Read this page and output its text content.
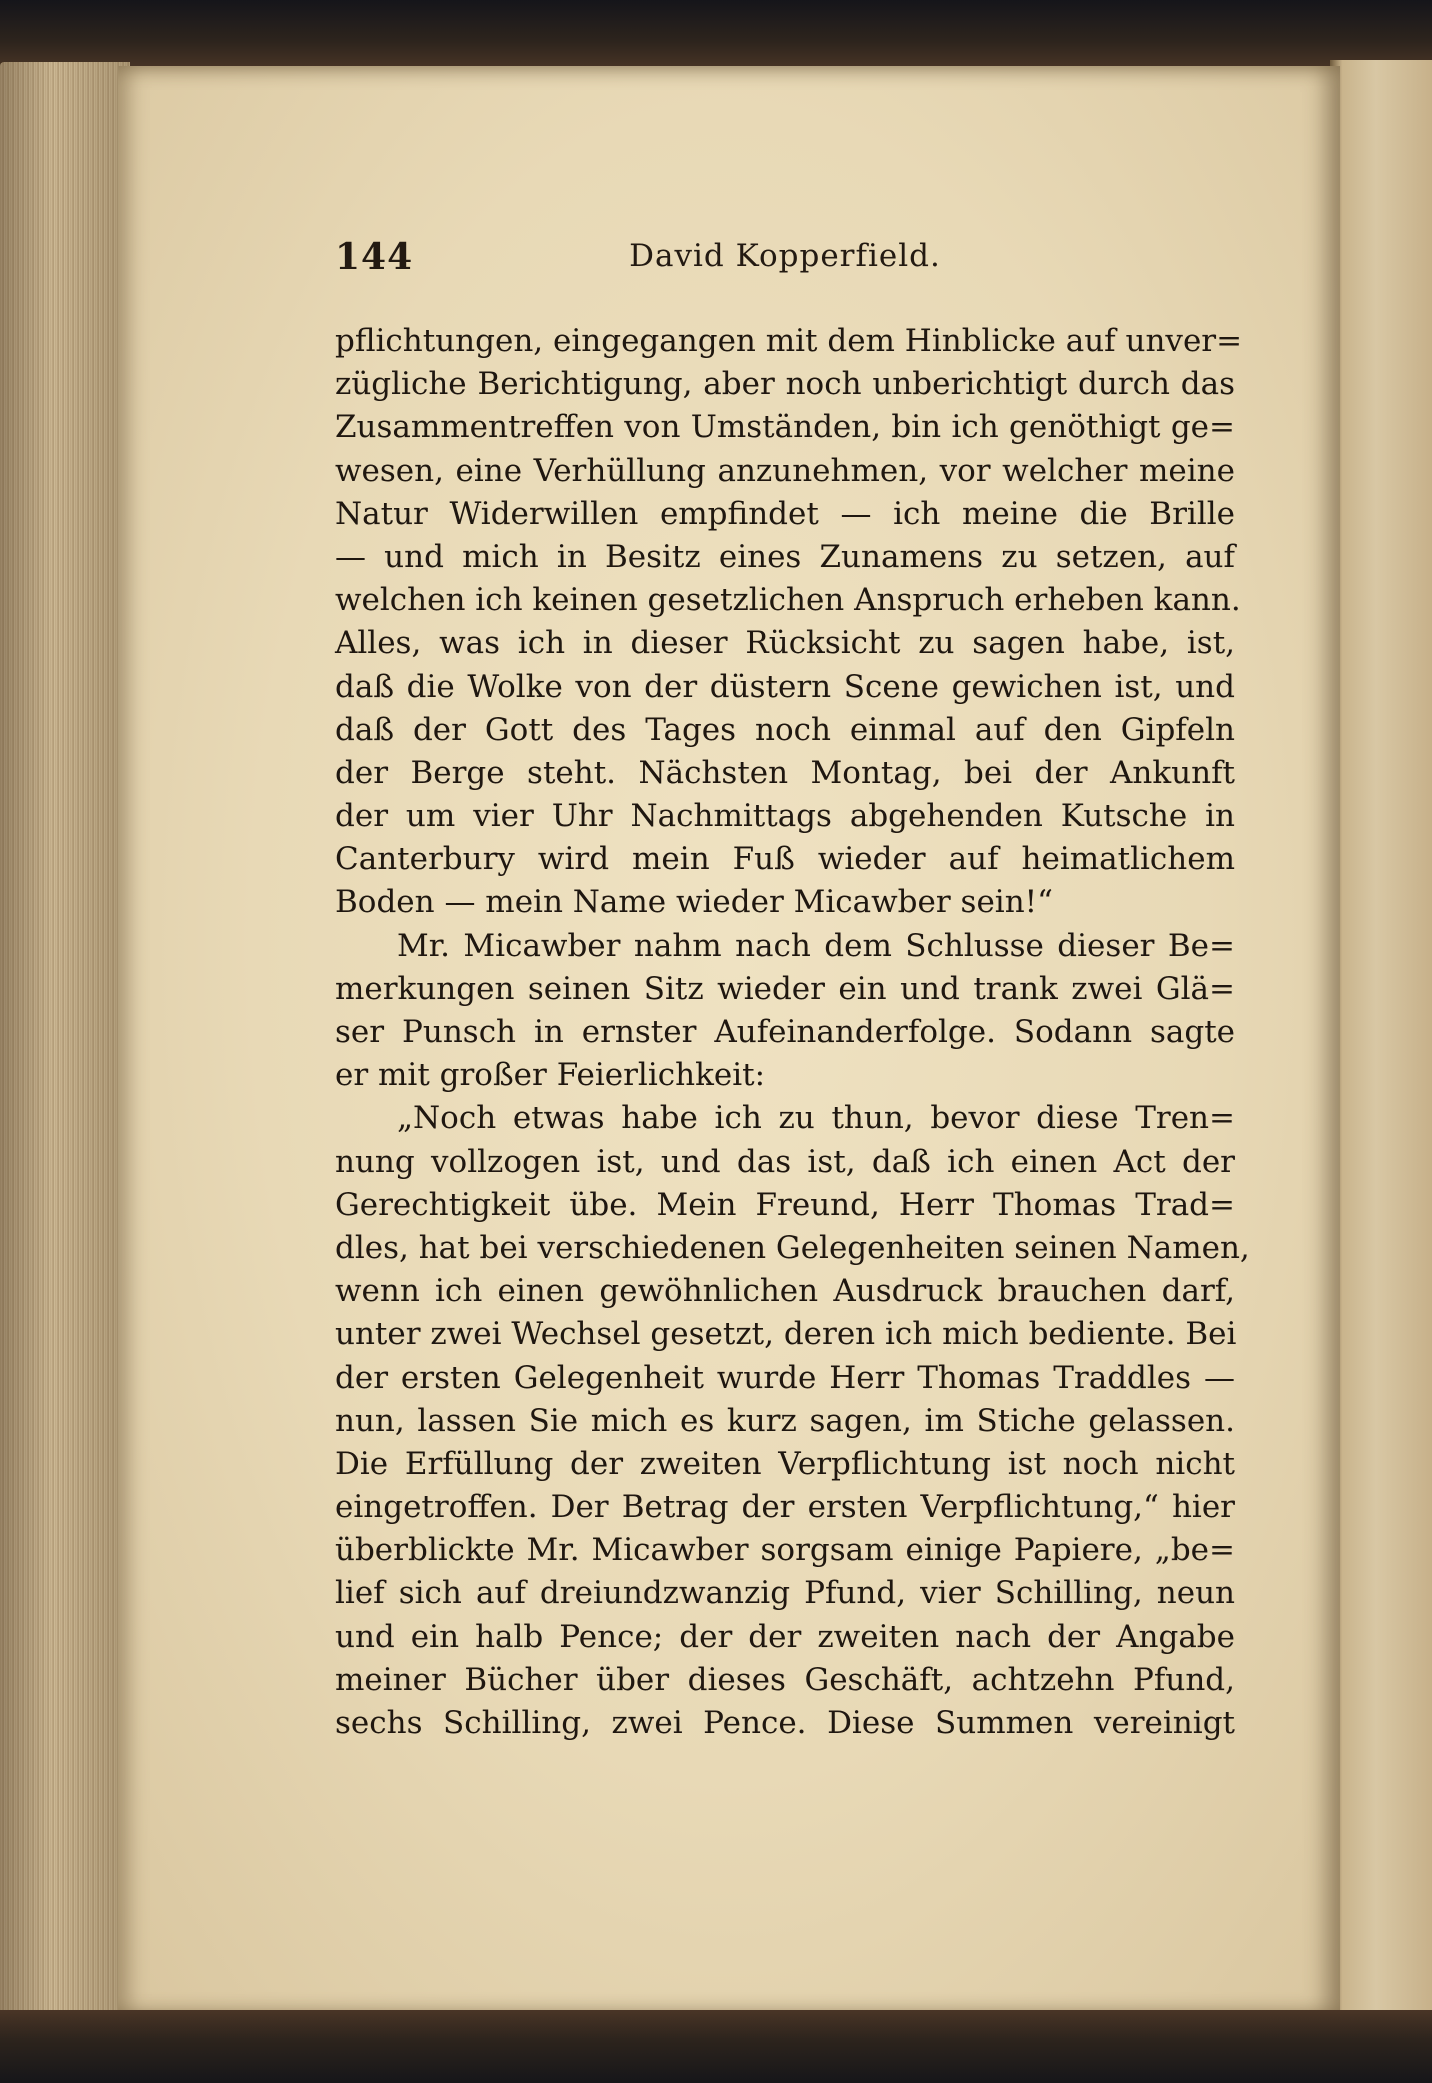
144	David Kopperfield.
pflichtungen, eingegangen mit dem Hinblicke auf unver=
zügliche Berichtigung, aber noch unberichtigt durch das
Zusammentreffen von Umständen, bin ich genöthigt ge=
wesen, eine Verhüllung anzunehmen, vor welcher meine
Natur Widerwillen empfindet — ich meine die Brille
— und mich in Besitz eines Zunamens zu setzen, auf
welchen ich keinen gesetzlichen Anspruch erheben kann.
Alles, was ich in dieser Rücksicht zu sagen habe, ist,
daß die Wolke von der düstern Scene gewichen ist, und
daß der Gott des Tages noch einmal auf den Gipfeln
der Berge steht. Nächsten Montag, bei der Ankunft
der um vier Uhr Nachmittags abgehenden Kutsche in
Canterbury wird mein Fuß wieder auf heimatlichem
Boden — mein Name wieder Micawber sein!“
Mr. Micawber nahm nach dem Schlusse dieser Be=
merkungen seinen Sitz wieder ein und trank zwei Glä=
ser Punsch in ernster Aufeinanderfolge. Sodann sagte
er mit großer Feierlichkeit:
„Noch etwas habe ich zu thun, bevor diese Tren=
nung vollzogen ist, und das ist, daß ich einen Act der
Gerechtigkeit übe. Mein Freund, Herr Thomas Trad=
dles, hat bei verschiedenen Gelegenheiten seinen Namen,
wenn ich einen gewöhnlichen Ausdruck brauchen darf,
unter zwei Wechsel gesetzt, deren ich mich bediente. Bei
der ersten Gelegenheit wurde Herr Thomas Traddles —
nun, lassen Sie mich es kurz sagen, im Stiche gelassen.
Die Erfüllung der zweiten Verpflichtung ist noch nicht
eingetroffen. Der Betrag der ersten Verpflichtung,“ hier
überblickte Mr. Micawber sorgsam einige Papiere, „be=
lief sich auf dreiundzwanzig Pfund, vier Schilling, neun
und ein halb Pence; der der zweiten nach der Angabe
meiner Bücher über dieses Geschäft, achtzehn Pfund,
sechs Schilling, zwei Pence. Diese Summen vereinigt
